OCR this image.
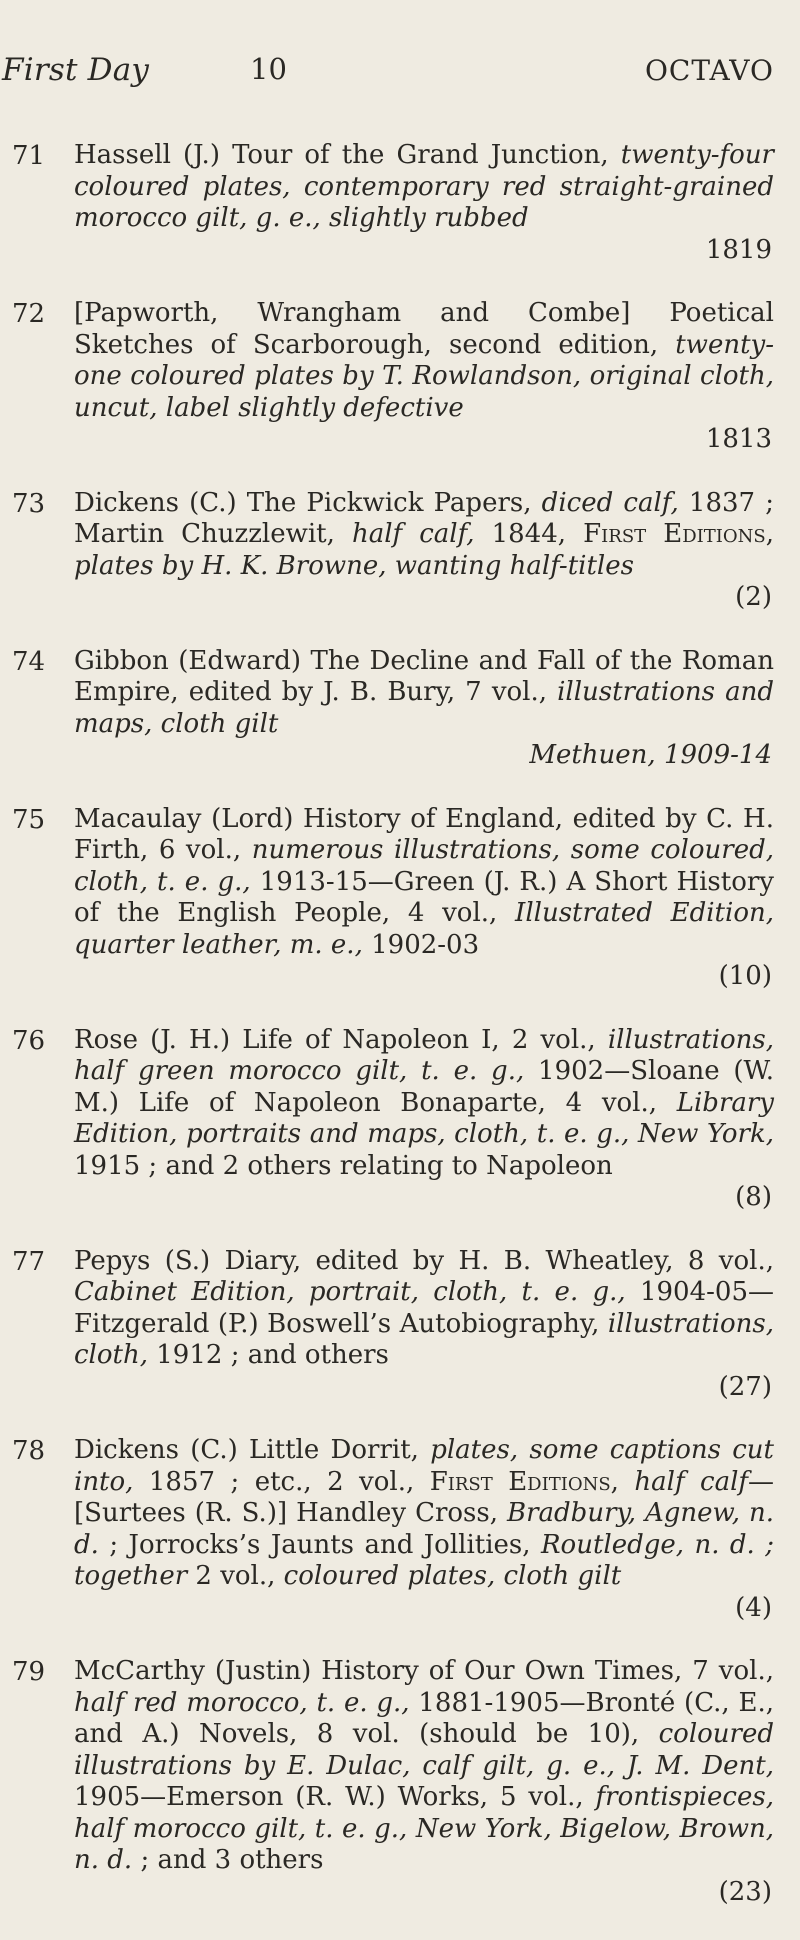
First Day	10	OCTAVO
71	Hassell (J.) Tour of the Grand Junction, twenty-four coloured plates, contemporary red straight-grained morocco gilt, g. e., slightly rubbed
1819
72	[Papworth, Wrangham and Combe] Poetical Sketches of Scarborough, second edition, twenty-one coloured plates by T. Rowlandson, original cloth, uncut, label slightly defective
1813
73	Dickens (C.) The Pickwick Papers, diced calf, 1837 ; Martin Chuzzlewit, half calf, 1844, First Editions, plates by H. K. Browne, wanting half-titles
(2)
74	Gibbon (Edward) The Decline and Fall of the Roman Empire, edited by J. B. Bury, 7 vol., illustrations and maps, cloth gilt
Methuen, 1909-14
75	Macaulay (Lord) History of England, edited by C. H. Firth, 6 vol., numerous illustrations, some coloured, cloth, t. e. g., 1913-15—Green (J. R.) A Short History of the English People, 4 vol., Illustrated Edition, quarter leather, m. e., 1902-03
(10)
76	Rose (J. H.) Life of Napoleon I, 2 vol., illustrations, half green morocco gilt, t. e. g., 1902—Sloane (W. M.) Life of Napoleon Bonaparte, 4 vol., Library Edition, portraits and maps, cloth, t. e. g., New York, 1915 ; and 2 others relating to Napoleon
(8)
77	Pepys (S.) Diary, edited by H. B. Wheatley, 8 vol., Cabinet Edition, portrait, cloth, t. e. g., 1904-05—Fitzgerald (P.) Boswell’s Autobiography, illustrations, cloth, 1912 ; and others
(27)
78	Dickens (C.) Little Dorrit, plates, some captions cut into, 1857 ; etc., 2 vol., First Editions, half calf—[Surtees (R. S.)] Handley Cross, Bradbury, Agnew, n. d. ; Jorrocks’s Jaunts and Jollities, Routledge, n. d. ; together 2 vol., coloured plates, cloth gilt
(4)
79	McCarthy (Justin) History of Our Own Times, 7 vol., half red morocco, t. e. g., 1881-1905—Bronté (C., E., and A.) Novels, 8 vol. (should be 10), coloured illustrations by E. Dulac, calf gilt, g. e., J. M. Dent, 1905—Emerson (R. W.) Works, 5 vol., frontispieces, half morocco gilt, t. e. g., New York, Bigelow, Brown, n. d. ; and 3 others
(23)
